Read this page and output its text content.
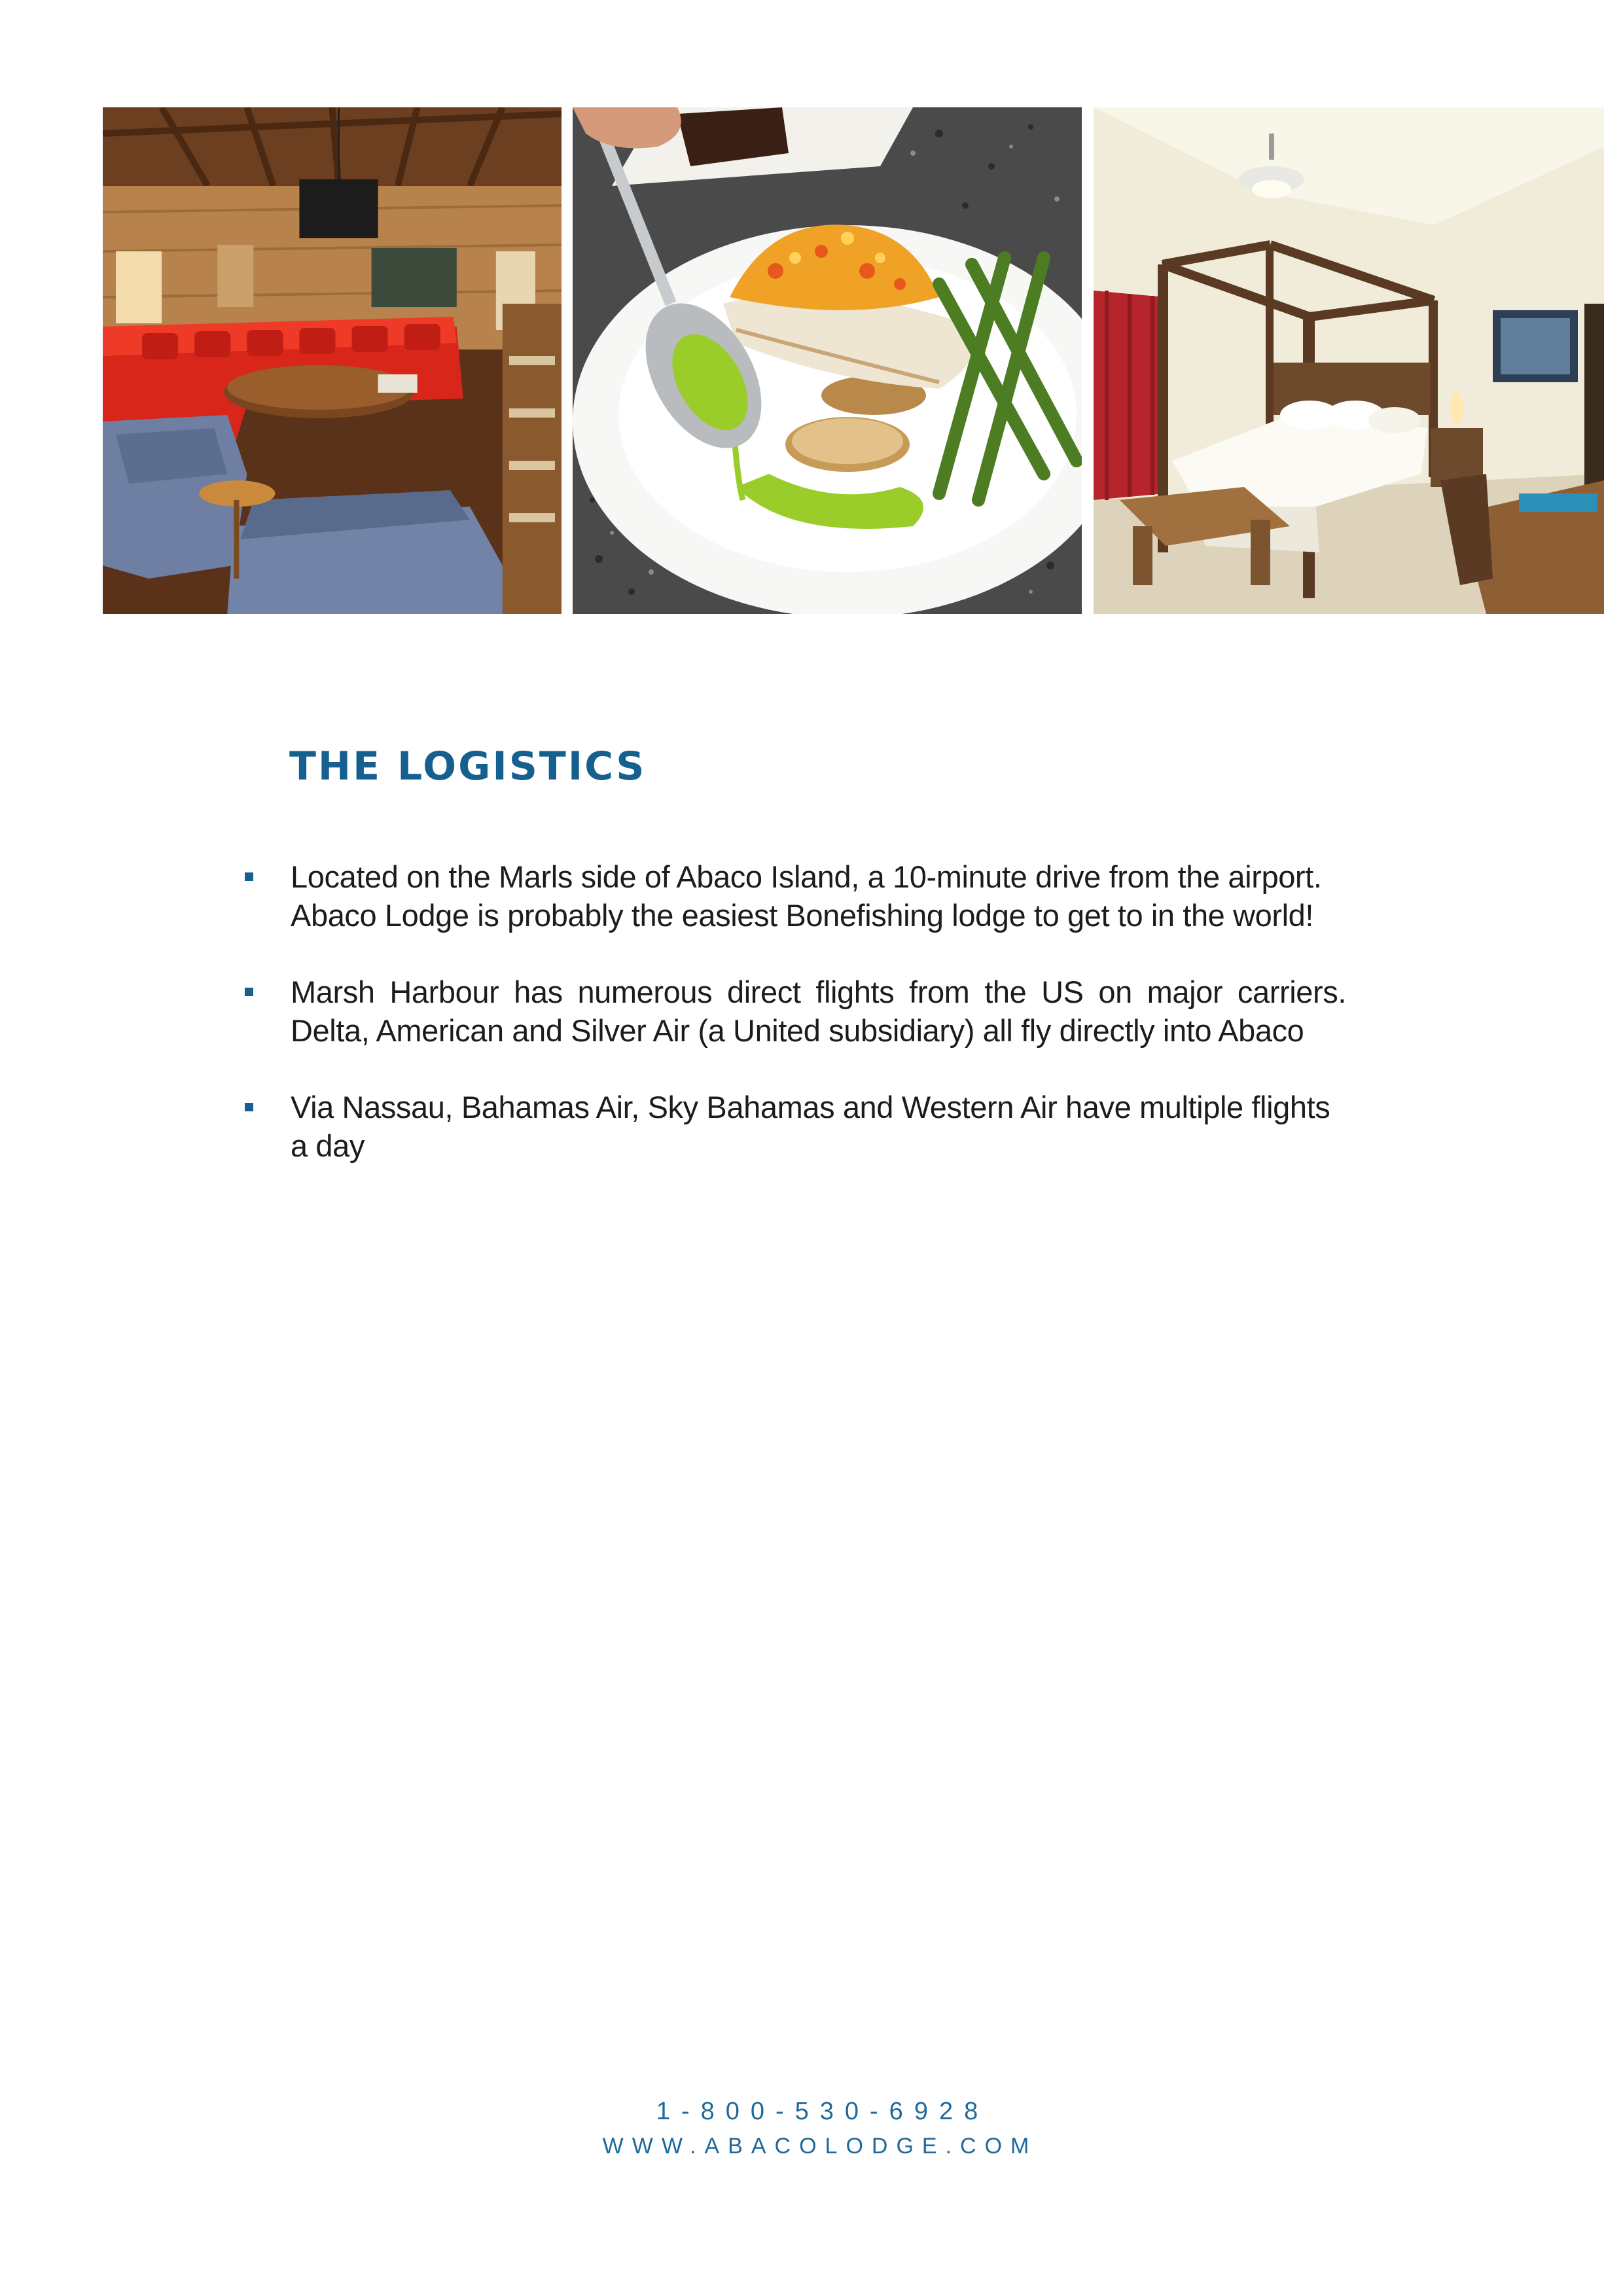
THE LOGISTICS
Located on the Marls side of Abaco Island, a 10-minute drive from the airport. Abaco Lodge is probably the easiest Bonefishing lodge to get to in the world!
Marsh Harbour has numerous direct flights from the US on major carriers. Delta, American and Silver Air (a United subsidiary) all fly directly into Abaco
Via Nassau, Bahamas Air, Sky Bahamas and Western Air have multiple flights a day
1-800-530-6928
WWW.ABACOLODGE.COM
